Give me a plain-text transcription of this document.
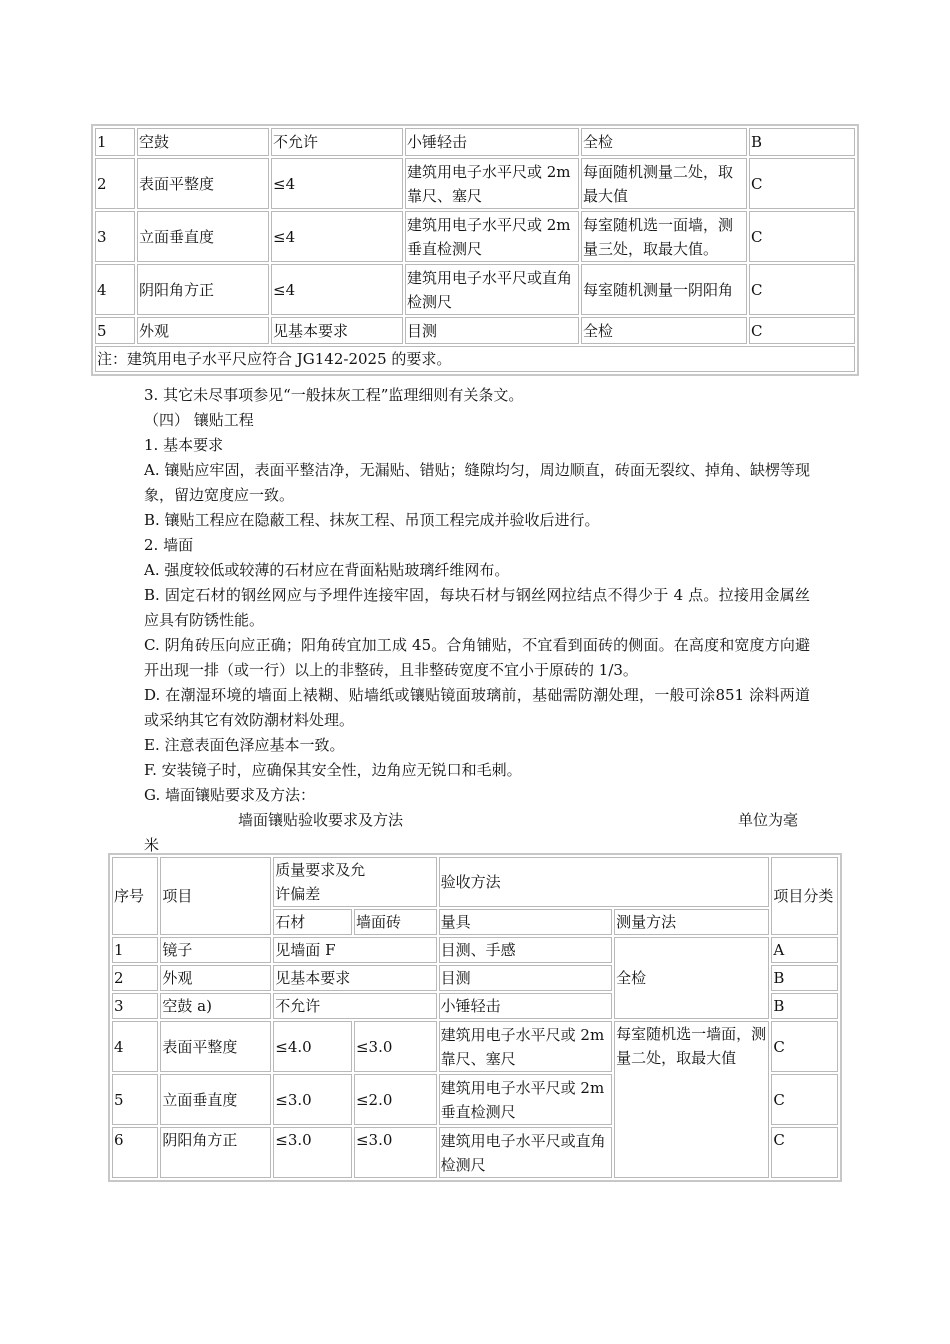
1	空鼓	不允许	小锤轻击	全检	B
2	表面平整度	≤4	建筑用电子水平尺或 2m靠尺、塞尺	每面随机测量二处，取最大值	C
3	立面垂直度	≤4	建筑用电子水平尺或 2m垂直检测尺	每室随机选一面墙，测量三处，取最大值。	C
4	阴阳角方正	≤4	建筑用电子水平尺或直角检测尺	每室随机测量一阴阳角	C
5	外观	见基本要求	目测	全检	C
注：建筑用电子水平尺应符合 JG142-2025 的要求。					

3. 其它未尽事项参见“一般抹灰工程”监理细则有关条文。

（四） 镶贴工程

1. 基本要求

A. 镶贴应牢固，表面平整洁净，无漏贴、错贴；缝隙均匀，周边顺直，砖面无裂纹、掉角、缺楞等现象，留边宽度应一致。

B. 镶贴工程应在隐蔽工程、抹灰工程、吊顶工程完成并验收后进行。

2. 墙面

A. 强度较低或较薄的石材应在背面粘贴玻璃纤维网布。

B. 固定石材的钢丝网应与予埋件连接牢固，每块石材与钢丝网拉结点不得少于 4 点。拉接用金属丝应具有防锈性能。

C. 阴角砖压向应正确；阳角砖宜加工成 45。合角铺贴，不宜看到面砖的侧面。在高度和宽度方向避开出现一排（或一行）以上的非整砖，且非整砖宽度不宜小于原砖的 1/3。

D. 在潮湿环境的墙面上裱糊、贴墙纸或镶贴镜面玻璃前，基础需防潮处理，一般可涂851 涂料两道或采纳其它有效防潮材料处理。

E. 注意表面色泽应基本一致。

F. 安装镜子时，应确保其安全性，边角应无锐口和毛刺。

G. 墙面镶贴要求及方法：

墙面镶贴验收要求及方法	单位为毫

米

序号	项目	质量要求及允许偏差		验收方法		项目分类
		石材	墙面砖	量具	测量方法	
1	镜子	见墙面 F		目测、手感	全检	A
2	外观	见基本要求		目测		B
3	空鼓 a)	不允许		小锤轻击		B
4	表面平整度	≤4.0	≤3.0	建筑用电子水平尺或 2m靠尺、塞尺	每室随机选一墙面，测量二处，取最大值	C
5	立面垂直度	≤3.0	≤2.0	建筑用电子水平尺或 2m垂直检测尺		C
6	阴阳角方正	≤3.0	≤3.0	建筑用电子水平尺或直角检测尺		C
